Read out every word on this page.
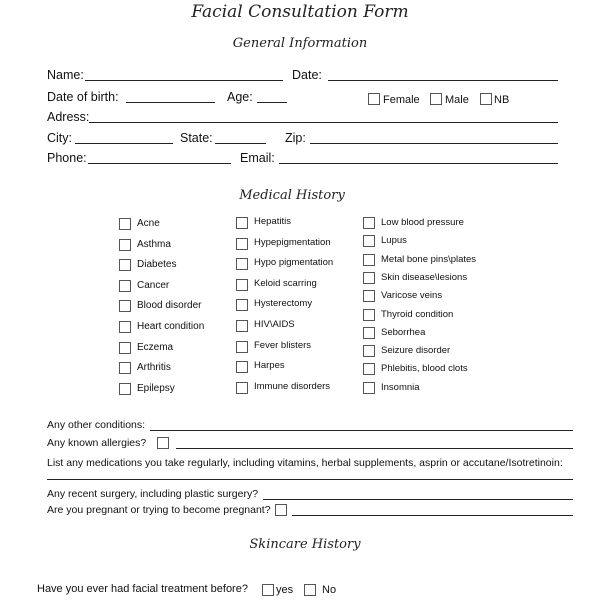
Facial Consultation Form
General Information
Name:	Date:
Date of birth:	Age:	Female Male NB
Adress:
City:	State:	Zip:
Phone:	Email:
Medical History
Acne
Asthma
Diabetes
Cancer
Blood disorder
Heart condition
Eczema
Arthritis
Epilepsy
Hepatitis
Hypepigmentation
Hypo pigmentation
Keloid scarring
Hysterectomy
HIV\AIDS
Fever blisters
Harpes
Immune disorders
Low blood pressure
Lupus
Metal bone pins\plates
Skin disease\lesions
Varicose veins
Thyroid condition
Seborrhea
Seizure disorder
Phlebitis, blood clots
Insomnia
Any other conditions:
Any known allergies?
List any medications you take regularly, including vitamins, herbal supplements, asprin or accutane/Isotretinoin:
Any recent surgery, including plastic surgery?
Are you pregnant or trying to become pregnant?
Skincare History
Have you ever had facial treatment before?	yes	No
